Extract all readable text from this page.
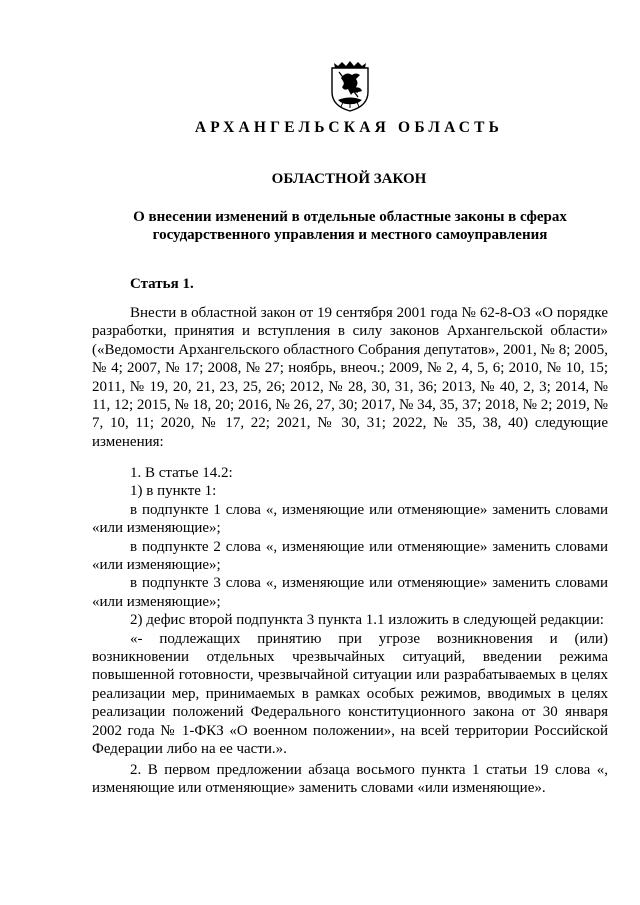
АРХАНГЕЛЬСКАЯ ОБЛАСТЬ
ОБЛАСТНОЙ ЗАКОН
О внесении изменений в отдельные областные законы в сферах
государственного управления и местного самоуправления
Статья 1.

Внести в областной закон от 19 сентября 2001 года № 62-8-ОЗ «О порядке разработки, принятия и вступления в силу законов Архангельской области» («Ведомости Архангельского областного Собрания депутатов», 2001, № 8; 2005, № 4; 2007, № 17; 2008, № 27; ноябрь, внеоч.; 2009, № 2, 4, 5, 6; 2010, № 10, 15; 2011, № 19, 20, 21, 23, 25, 26; 2012, № 28, 30, 31, 36; 2013, № 40, 2, 3; 2014, № 11, 12; 2015, № 18, 20; 2016, № 26, 27, 30; 2017, № 34, 35, 37; 2018, № 2; 2019, № 7, 10, 11; 2020, № 17, 22; 2021, № 30, 31; 2022, № 35, 38, 40) следующие изменения:

1. В статье 14.2:

1) в пункте 1:

в подпункте 1 слова «, изменяющие или отменяющие» заменить словами «или изменяющие»;

в подпункте 2 слова «, изменяющие или отменяющие» заменить словами «или изменяющие»;

в подпункте 3 слова «, изменяющие или отменяющие» заменить словами «или изменяющие»;

2) дефис второй подпункта 3 пункта 1.1 изложить в следующей редакции:

«- подлежащих принятию при угрозе возникновения и (или) возникновении отдельных чрезвычайных ситуаций, введении режима повышенной готовности, чрезвычайной ситуации или разрабатываемых в целях реализации мер, принимаемых в рамках особых режимов, вводимых в целях реализации положений Федерального конституционного закона от 30 января 2002 года № 1-ФКЗ «О военном положении», на всей территории Российской Федерации либо на ее части.».

2. В первом предложении абзаца восьмого пункта 1 статьи 19 слова «, изменяющие или отменяющие» заменить словами «или изменяющие».
